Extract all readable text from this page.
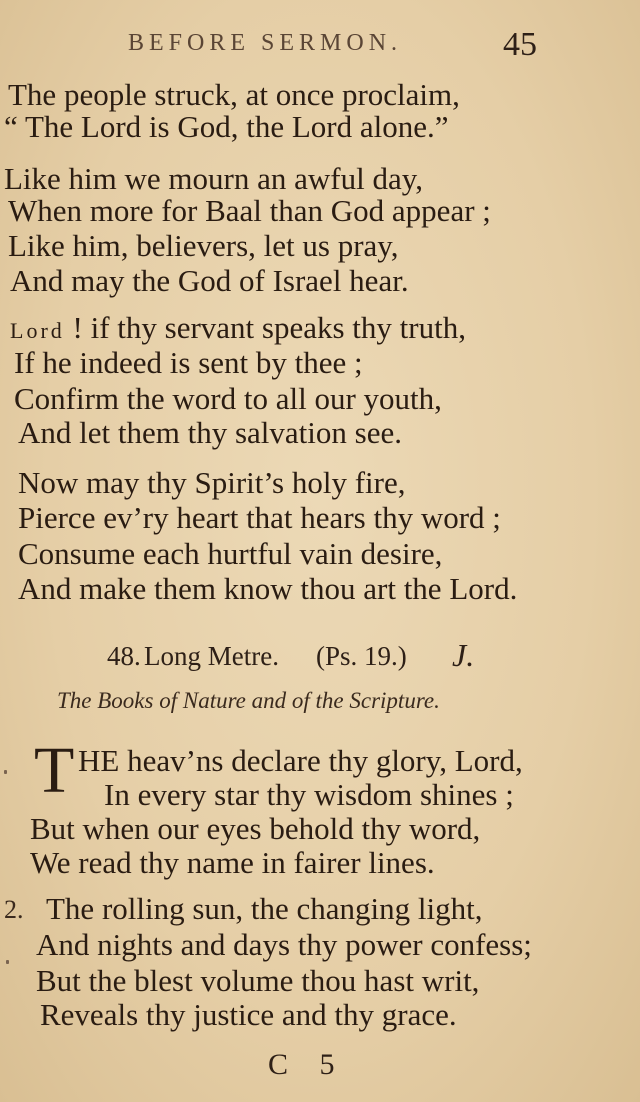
BEFORE SERMON.	45
The people struck, at once proclaim,
“ The Lord is God, the Lord alone.”
Like him we mourn an awful day,
When more for Baal than God appear ;
Like him, believers, let us pray,
And may the God of Israel hear.
Lord ! if thy servant speaks thy truth,
If he indeed is sent by thee ;
Confirm the word to all our youth,
And let them thy salvation see.
Now may thy Spirit’s holy fire,
Pierce ev’ry heart that hears thy word ;
Consume each hurtful vain desire,
And make them know thou art the Lord.
48. Long Metre. (Ps. 19.) J.
The Books of Nature and of the Scripture.
T HE heav’ns declare thy glory, Lord,
In every star thy wisdom shines ;
But when our eyes behold thy word,
We read thy name in fairer lines.
2. The rolling sun, the changing light,
And nights and days thy power confess;
But the blest volume thou hast writ,
Reveals thy justice and thy grace.
C 5
